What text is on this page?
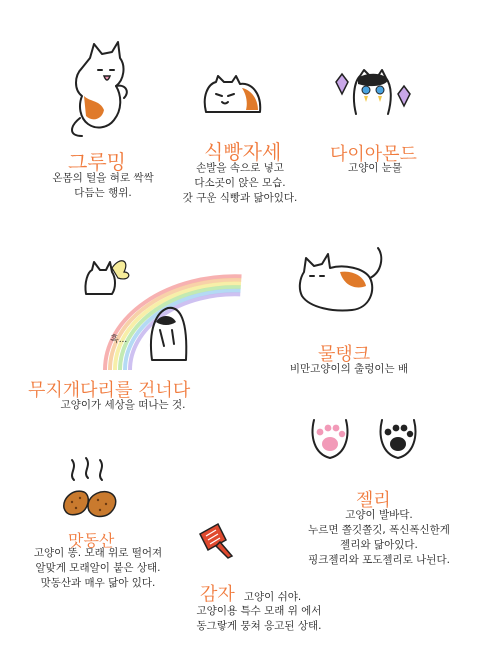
그루밍
온몸의 털을 혀로 싹싹
다듬는 행위.
식빵자세
손발을 속으로 넣고
다소곳이 앉은 모습.
갓 구운 식빵과 닮아있다.
다이아몬드
고양이 눈물
흑...
무지개다리를 건너다
고양이가 세상을 떠나는 것.
물탱크
비만고양이의 출렁이는 배
젤리
고양이 발바닥.
누르면 쫄깃쫄깃, 폭신폭신한게
젤리와 닮아있다.
핑크젤리와 포도젤리로 나뉜다.
맛동산
고양이 똥. 모래 위로 떨어져
알맞게 모래알이 붙은 상태.
맛동산과 매우 닮아 있다.
감자 고양이 쉬야.
고양이용 특수 모래 위 에서
동그랗게 뭉쳐 응고된 상태.
